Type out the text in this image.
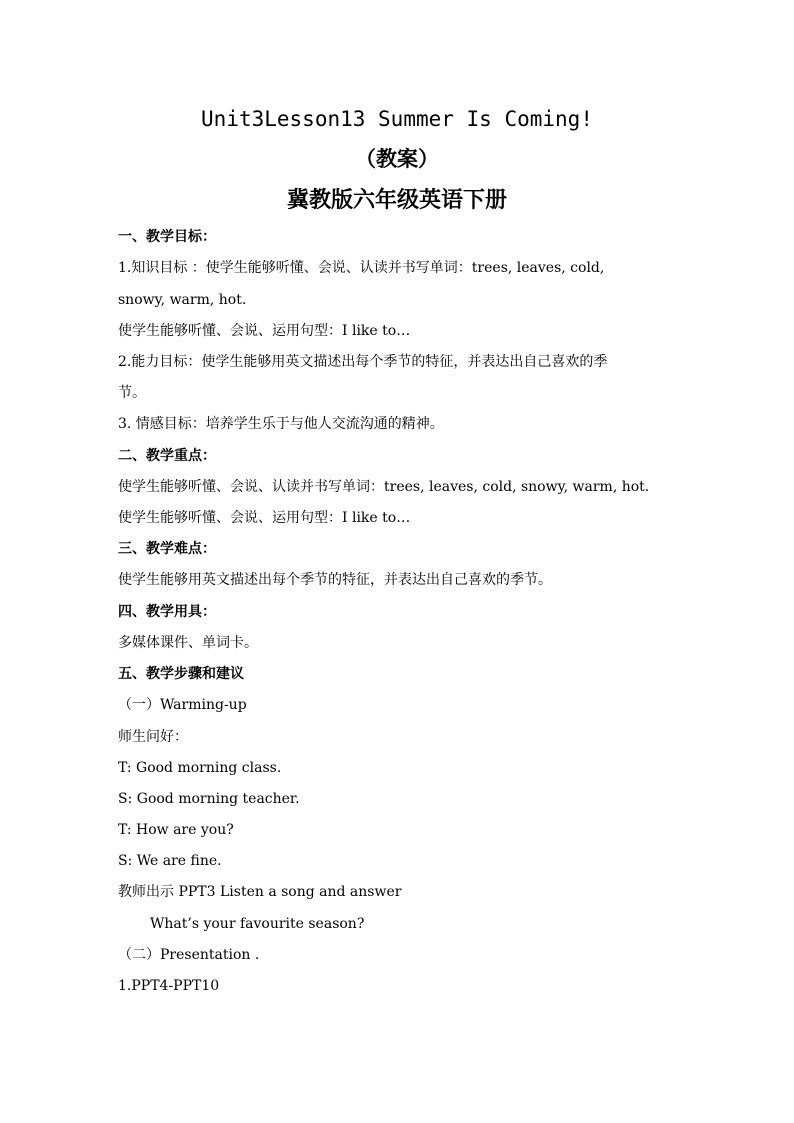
Unit3Lesson13 Summer Is Coming!
（教案）
冀教版六年级英语下册
一、教学目标：
1.知识目标 ：使学生能够听懂、会说、认读并书写单词：trees, leaves, cold,
snowy, warm, hot.
使学生能够听懂、会说、运用句型：I like to…
2.能力目标：使学生能够用英文描述出每个季节的特征，并表达出自己喜欢的季
节。
3. 情感目标：培养学生乐于与他人交流沟通的精神。
二、教学重点：
使学生能够听懂、会说、认读并书写单词：trees, leaves, cold, snowy, warm, hot.
使学生能够听懂、会说、运用句型：I like to…
三、教学难点：
使学生能够用英文描述出每个季节的特征，并表达出自己喜欢的季节。
四、教学用具：
多媒体课件、单词卡。
五、教学步骤和建议
（一）Warming-up
师生问好：
T: Good morning class.
S: Good morning teacher.
T: How are you?
S: We are fine.
教师出示 PPT3 Listen a song and answer
What’s your favourite season?
（二）Presentation .
1.PPT4-PPT10
